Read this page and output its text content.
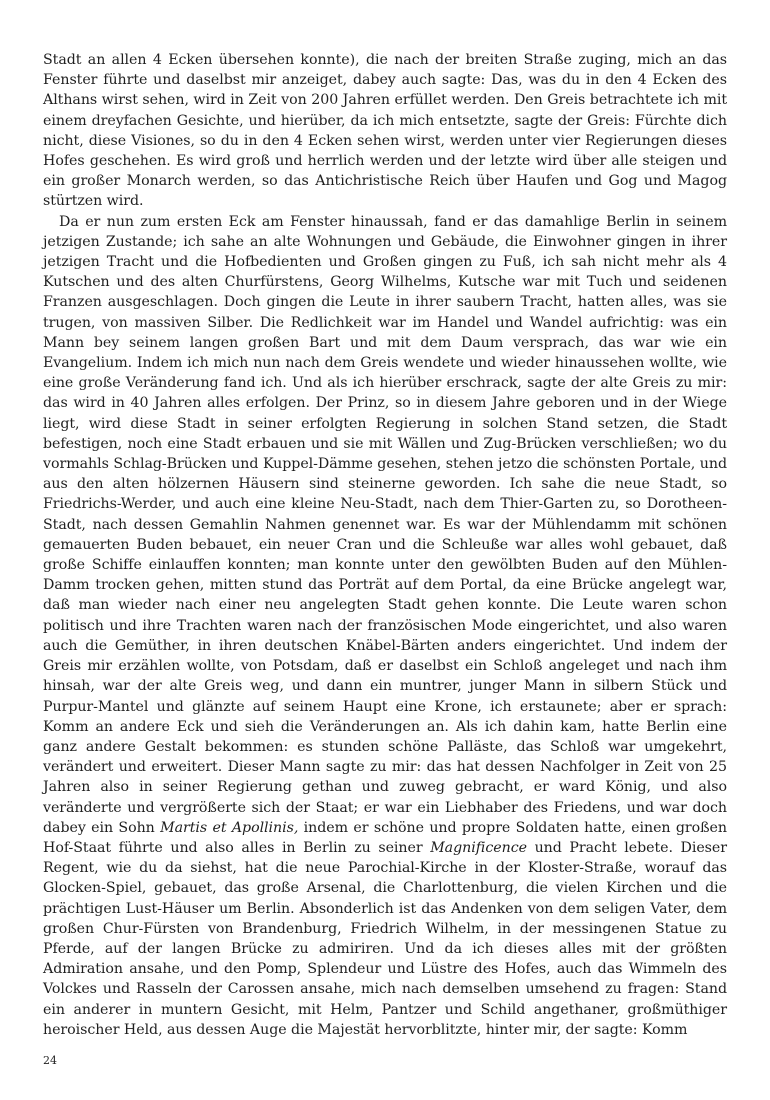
Stadt an allen 4 Ecken übersehen konnte), die nach der breiten Straße zuging, mich an das Fenster führte und daselbst mir anzeiget, dabey auch sagte: Das, was du in den 4 Ecken des Althans wirst sehen, wird in Zeit von 200 Jahren erfüllet werden. Den Greis betrachtete ich mit einem dreyfachen Gesichte, und hierüber, da ich mich entsetzte, sagte der Greis: Fürchte dich nicht, diese Visiones, so du in den 4 Ecken sehen wirst, werden unter vier Regierungen dieses Hofes geschehen. Es wird groß und herrlich werden und der letzte wird über alle steigen und ein großer Monarch werden, so das Antichristische Reich über Haufen und Gog und Magog stürtzen wird.

Da er nun zum ersten Eck am Fenster hinaussah, fand er das damahlige Berlin in seinem jetzigen Zustande; ich sahe an alte Wohnungen und Gebäude, die Einwohner gingen in ihrer jetzigen Tracht und die Hofbedienten und Großen gingen zu Fuß, ich sah nicht mehr als 4 Kutschen und des alten Churfürstens, Georg Wilhelms, Kutsche war mit Tuch und seidenen Franzen ausgeschlagen. Doch gingen die Leute in ihrer saubern Tracht, hatten alles, was sie trugen, von massiven Silber. Die Redlichkeit war im Handel und Wandel aufrichtig: was ein Mann bey seinem langen großen Bart und mit dem Daum versprach, das war wie ein Evangelium. Indem ich mich nun nach dem Greis wendete und wieder hinaussehen wollte, wie eine große Veränderung fand ich. Und als ich hierüber erschrack, sagte der alte Greis zu mir: das wird in 40 Jahren alles erfolgen. Der Prinz, so in diesem Jahre geboren und in der Wiege liegt, wird diese Stadt in seiner erfolgten Regierung in solchen Stand setzen, die Stadt befestigen, noch eine Stadt erbauen und sie mit Wällen und Zug-Brücken verschließen; wo du vormahls Schlag-Brücken und Kuppel-Dämme gesehen, stehen jetzo die schönsten Portale, und aus den alten hölzernen Häusern sind steinerne geworden. Ich sahe die neue Stadt, so Friedrichs-Werder, und auch eine kleine Neu-Stadt, nach dem Thier-Garten zu, so Dorotheen-Stadt, nach dessen Gemahlin Nahmen genennet war. Es war der Mühlendamm mit schönen gemauerten Buden bebauet, ein neuer Cran und die Schleuße war alles wohl gebauet, daß große Schiffe einlauffen konnten; man konnte unter den gewölbten Buden auf den Mühlen-Damm trocken gehen, mitten stund das Porträt auf dem Portal, da eine Brücke angelegt war, daß man wieder nach einer neu angelegten Stadt gehen konnte. Die Leute waren schon politisch und ihre Trachten waren nach der französischen Mode eingerichtet, und also waren auch die Gemüther, in ihren deutschen Knäbel-Bärten anders eingerichtet. Und indem der Greis mir erzählen wollte, von Potsdam, daß er daselbst ein Schloß angeleget und nach ihm hinsah, war der alte Greis weg, und dann ein muntrer, junger Mann in silbern Stück und Purpur-Mantel und glänzte auf seinem Haupt eine Krone, ich erstaunete; aber er sprach: Komm an andere Eck und sieh die Veränderungen an. Als ich dahin kam, hatte Berlin eine ganz andere Gestalt bekommen: es stunden schöne Palläste, das Schloß war umgekehrt, verändert und erweitert. Dieser Mann sagte zu mir: das hat dessen Nachfolger in Zeit von 25 Jahren also in seiner Regierung gethan und zuweg gebracht, er ward König, und also veränderte und vergrößerte sich der Staat; er war ein Liebhaber des Friedens, und war doch dabey ein Sohn Martis et Apollinis, indem er schöne und propre Soldaten hatte, einen großen Hof-Staat führte und also alles in Berlin zu seiner Magnificence und Pracht lebete. Dieser Regent, wie du da siehst, hat die neue Parochial-Kirche in der Kloster-Straße, worauf das Glocken-Spiel, gebauet, das große Arsenal, die Charlottenburg, die vielen Kirchen und die prächtigen Lust-Häuser um Berlin. Absonderlich ist das Andenken von dem seligen Vater, dem großen Chur-Fürsten von Brandenburg, Friedrich Wilhelm, in der messingenen Statue zu Pferde, auf der langen Brücke zu admiriren. Und da ich dieses alles mit der größten Admiration ansahe, und den Pomp, Splendeur und Lüstre des Hofes, auch das Wimmeln des Volckes und Rasseln der Carossen ansahe, mich nach demselben umsehend zu fragen: Stand ein anderer in muntern Gesicht, mit Helm, Pantzer und Schild angethaner, großmüthiger heroischer Held, aus dessen Auge die Majestät hervorblitzte, hinter mir, der sagte: Komm

24
